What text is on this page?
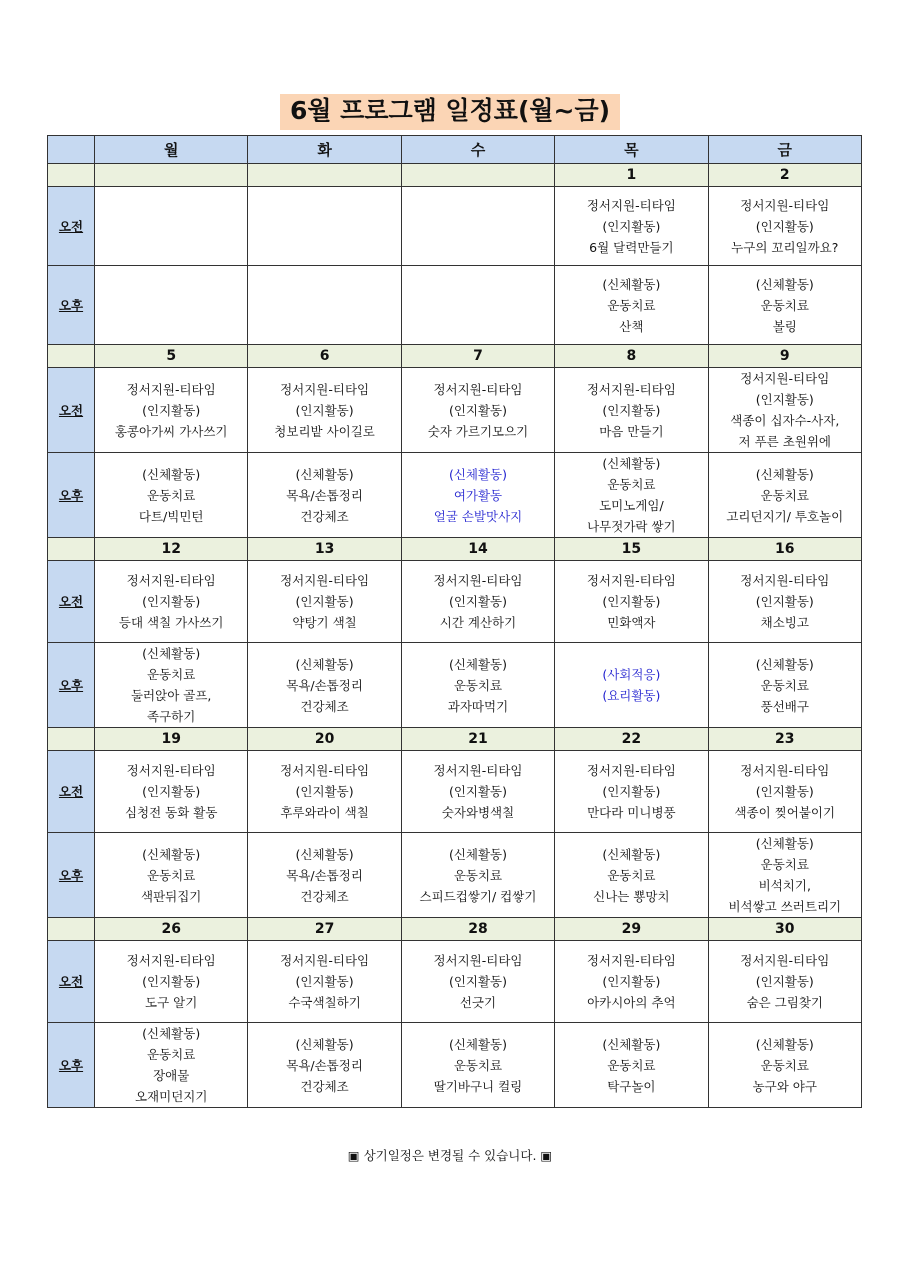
6월 프로그램 일정표(월~금)
	월	화	수	목	금
				1	2
오전				정서지원-티타임
(인지활동)
6월 달력만들기	정서지원-티타임
(인지활동)
누구의 꼬리일까요?

오후				(신체활동)
운동치료
산책	(신체활동)
운동치료
볼링

	5	6	7	8	9
오전	정서지원-티타임
(인지활동)
홍콩아가씨 가사쓰기	정서지원-티타임
(인지활동)
청보리밭 사이길로	정서지원-티타임
(인지활동)
숫자 가르기모으기	정서지원-티타임
(인지활동)
마음 만들기	정서지원-티타임
(인지활동)
색종이 십자수-사자,
저 푸른 초원위에

오후	(신체활동)
운동치료
다트/빅민턴	(신체활동)
목욕/손톱정리
건강체조	(신체활동)
여가활동
얼굴 손발맛사지	(신체활동)
운동치료
도미노게임/
나무젓가락 쌓기	(신체활동)
운동치료
고리던지기/ 투호놀이

	12	13	14	15	16
오전	정서지원-티타임
(인지활동)
등대 색칠 가사쓰기	정서지원-티타임
(인지활동)
약탕기 색칠	정서지원-티타임
(인지활동)
시간 계산하기	정서지원-티타임
(인지활동)
민화액자	정서지원-티타임
(인지활동)
채소빙고

오후	(신체활동)
운동치료
둘러앉아 골프,
족구하기	(신체활동)
목욕/손톱정리
건강체조	(신체활동)
운동치료
과자따먹기	(사회적응)
(요리활동)	(신체활동)
운동치료
풍선배구

	19	20	21	22	23
오전	정서지원-티타임
(인지활동)
심청전 동화 활동	정서지원-티타임
(인지활동)
후루와라이 색칠	정서지원-티타임
(인지활동)
숫자와병색칠	정서지원-티타임
(인지활동)
만다라 미니병풍	정서지원-티타임
(인지활동)
색종이 찢어붙이기

오후	(신체활동)
운동치료
색판뒤집기	(신체활동)
목욕/손톱정리
건강체조	(신체활동)
운동치료
스피드컵쌓기/ 컵쌓기	(신체활동)
운동치료
신나는 뿅망치	(신체활동)
운동치료
비석치기,
비석쌓고 쓰러트리기

	26	27	28	29	30
오전	정서지원-티타임
(인지활동)
도구 알기	정서지원-티타임
(인지활동)
수국색칠하기	정서지원-티타임
(인지활동)
선긋기	정서지원-티타임
(인지활동)
아카시아의 추억	정서지원-티타임
(인지활동)
숨은 그림찾기

오후	(신체활동)
운동치료
장애물
오재미던지기	(신체활동)
목욕/손톱정리
건강체조	(신체활동)
운동치료
딸기바구니 컬링	(신체활동)
운동치료
탁구놀이	(신체활동)
운동치료
농구와 야구
▣ 상기일정은 변경될 수 있습니다. ▣
